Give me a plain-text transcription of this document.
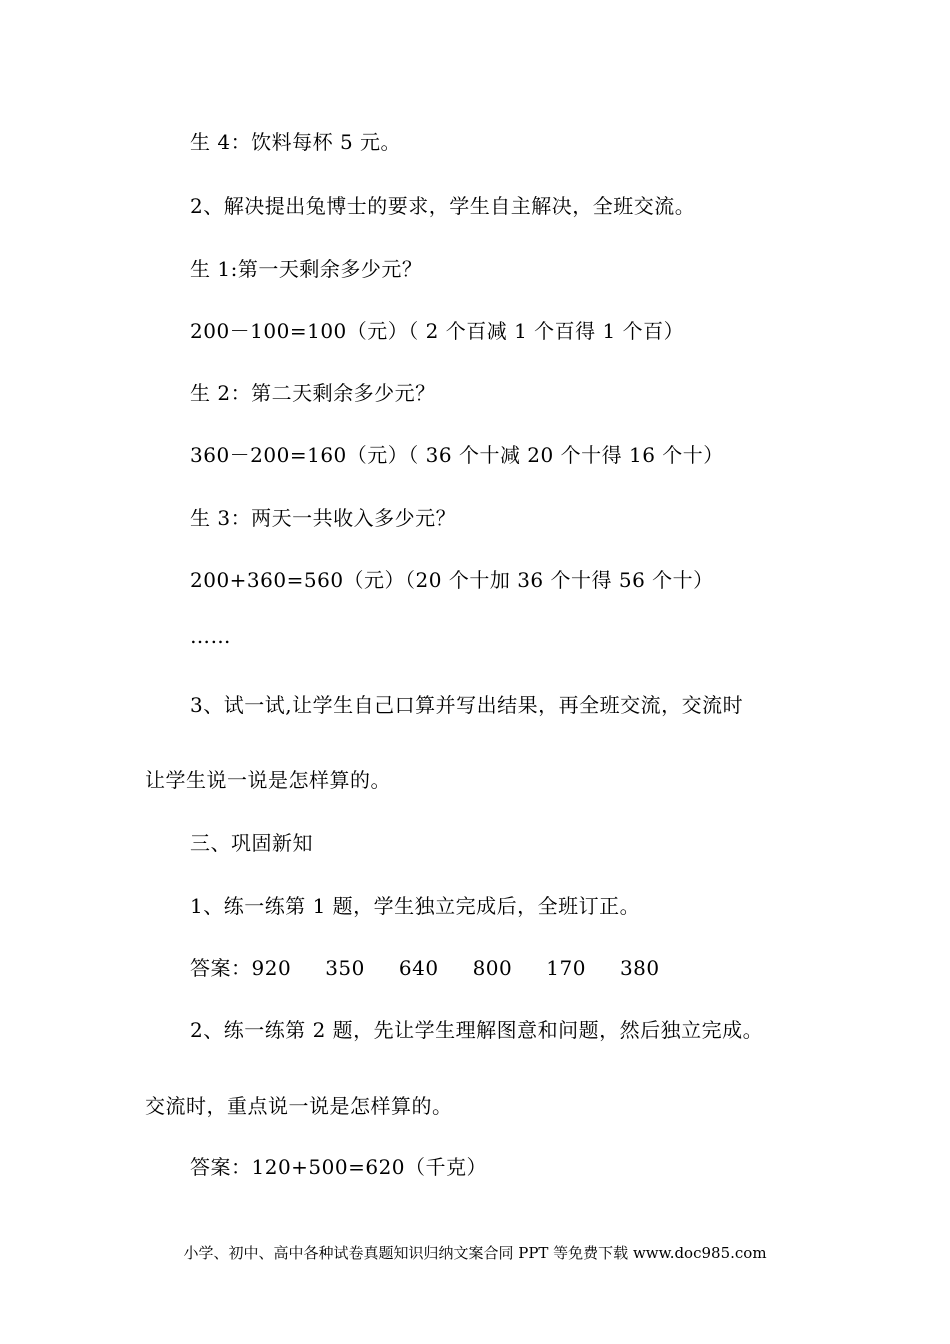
生 4：饮料每杯 5 元。
2、解决提出兔博士的要求，学生自主解决，全班交流。
生 1:第一天剩余多少元？
200－100=100（元）（ 2 个百减 1 个百得 1 个百）
生 2：第二天剩余多少元？
360－200=160（元）（ 36 个十减 20 个十得 16 个十）
生 3：两天一共收入多少元？
200+360=560（元）（20 个十加 36 个十得 56 个十）
……
3、试一试,让学生自己口算并写出结果，再全班交流，交流时
让学生说一说是怎样算的。
三、巩固新知
1、练一练第 1 题，学生独立完成后，全班订正。
答案：920 350 640 800 170 380
2、练一练第 2 题，先让学生理解图意和问题，然后独立完成。
交流时，重点说一说是怎样算的。
答案：120+500=620（千克）
小学、初中、高中各种试卷真题知识归纳文案合同 PPT 等免费下载 www.doc985.com
